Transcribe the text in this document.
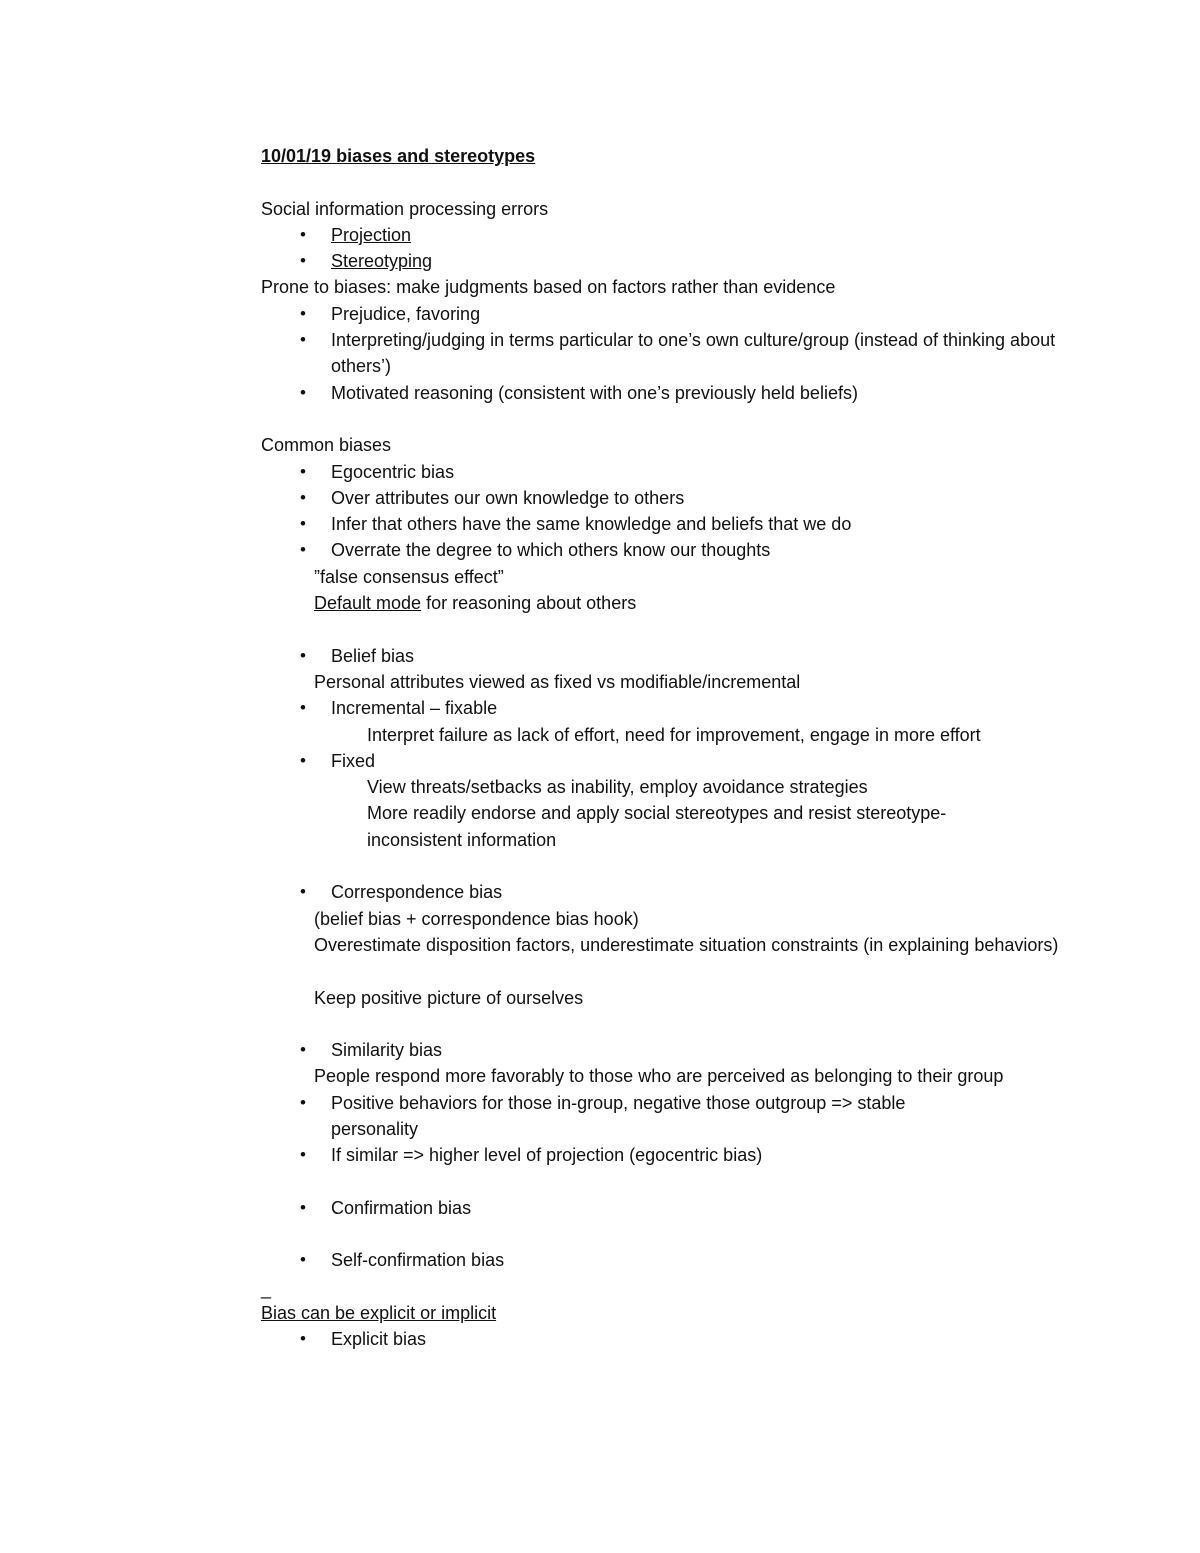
10/01/19 biases and stereotypes
Social information processing errors
• Projection
• Stereotyping
Prone to biases: make judgments based on factors rather than evidence
• Prejudice, favoring
• Interpreting/judging in terms particular to one’s own culture/group (instead of thinking about others’)
• Motivated reasoning (consistent with one’s previously held beliefs)
Common biases
• Egocentric bias
• Over attributes our own knowledge to others
• Infer that others have the same knowledge and beliefs that we do
• Overrate the degree to which others know our thoughts
”false consensus effect”
Default mode for reasoning about others
• Belief bias
Personal attributes viewed as fixed vs modifiable/incremental
• Incremental – fixable
Interpret failure as lack of effort, need for improvement, engage in more effort
• Fixed
View threats/setbacks as inability, employ avoidance strategies
More readily endorse and apply social stereotypes and resist stereotype-inconsistent information
• Correspondence bias
(belief bias + correspondence bias hook)
Overestimate disposition factors, underestimate situation constraints (in explaining behaviors)
Keep positive picture of ourselves
• Similarity bias
People respond more favorably to those who are perceived as belonging to their group
• Positive behaviors for those in-group, negative those outgroup => stable personality
• If similar => higher level of projection (egocentric bias)
• Confirmation bias
• Self-confirmation bias
_
Bias can be explicit or implicit
• Explicit bias
